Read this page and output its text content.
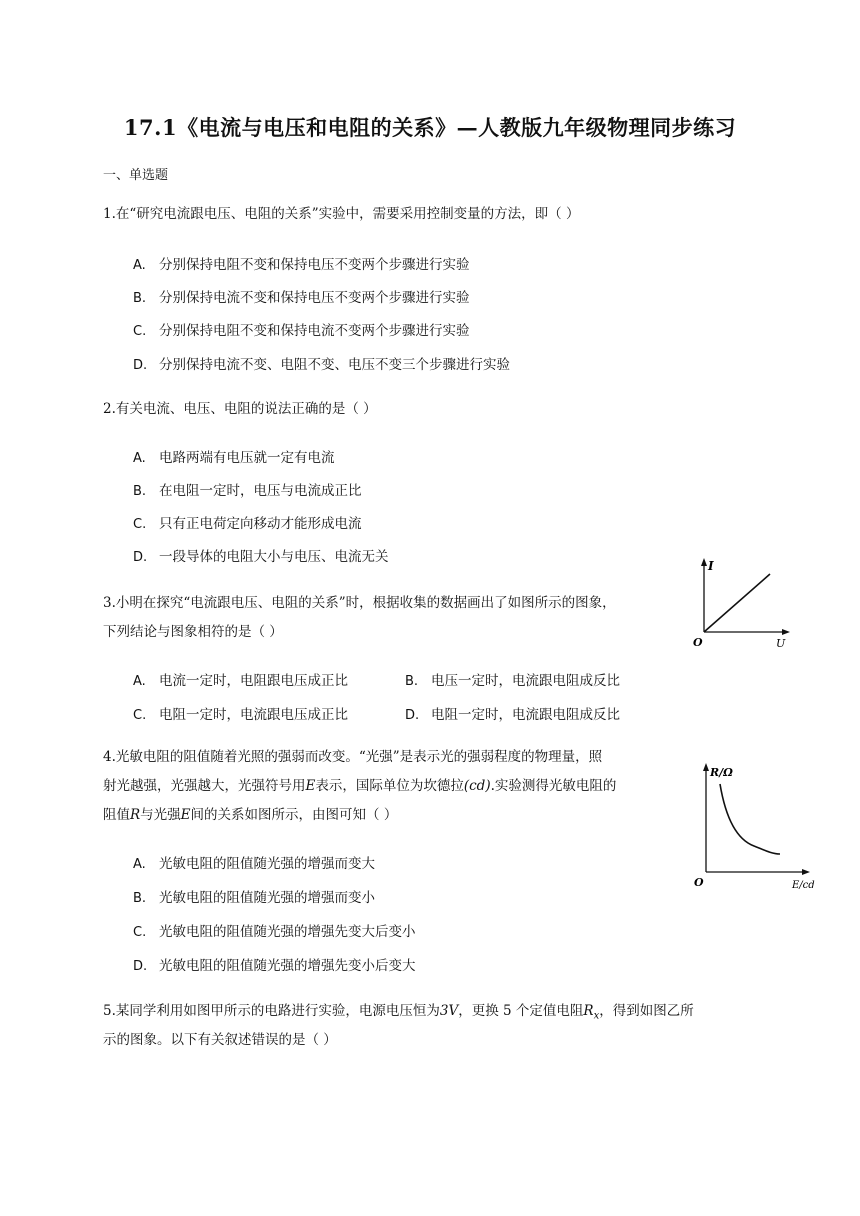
17.1《电流与电压和电阻的关系》—人教版九年级物理同步练习
一、单选题
1.在“研究电流跟电压、电阻的关系”实验中，需要采用控制变量的方法，即（ ）
A. 分别保持电阻不变和保持电压不变两个步骤进行实验
B. 分别保持电流不变和保持电压不变两个步骤进行实验
C. 分别保持电阻不变和保持电流不变两个步骤进行实验
D. 分别保持电流不变、电阻不变、电压不变三个步骤进行实验
2.有关电流、电压、电阻的说法正确的是（ ）
A. 电路两端有电压就一定有电流
B. 在电阻一定时，电压与电流成正比
C. 只有正电荷定向移动才能形成电流
D. 一段导体的电阻大小与电压、电流无关
3.小明在探究“电流跟电压、电阻的关系”时，根据收集的数据画出了如图所示的图象，
下列结论与图象相符的是（ ）
I
U
O
A. 电流一定时，电阻跟电压成正比	B. 电压一定时，电流跟电阻成反比
C. 电阻一定时，电流跟电压成正比	D. 电阻一定时，电流跟电阻成反比
4.光敏电阻的阻值随着光照的强弱而改变。“光强”是表示光的强弱程度的物理量，照
射光越强，光强越大，光强符号用E表示，国际单位为坎德拉(cd).实验测得光敏电阻的
阻值R与光强E间的关系如图所示，由图可知（ ）
R/Ω
E/cd
O
A. 光敏电阻的阻值随光强的增强而变大
B. 光敏电阻的阻值随光强的增强而变小
C. 光敏电阻的阻值随光强的增强先变大后变小
D. 光敏电阻的阻值随光强的增强先变小后变大
5.某同学利用如图甲所示的电路进行实验，电源电压恒为3V，更换 5 个定值电阻$R_x$，得到如图乙所
示的图象。以下有关叙述错误的是（ ）
